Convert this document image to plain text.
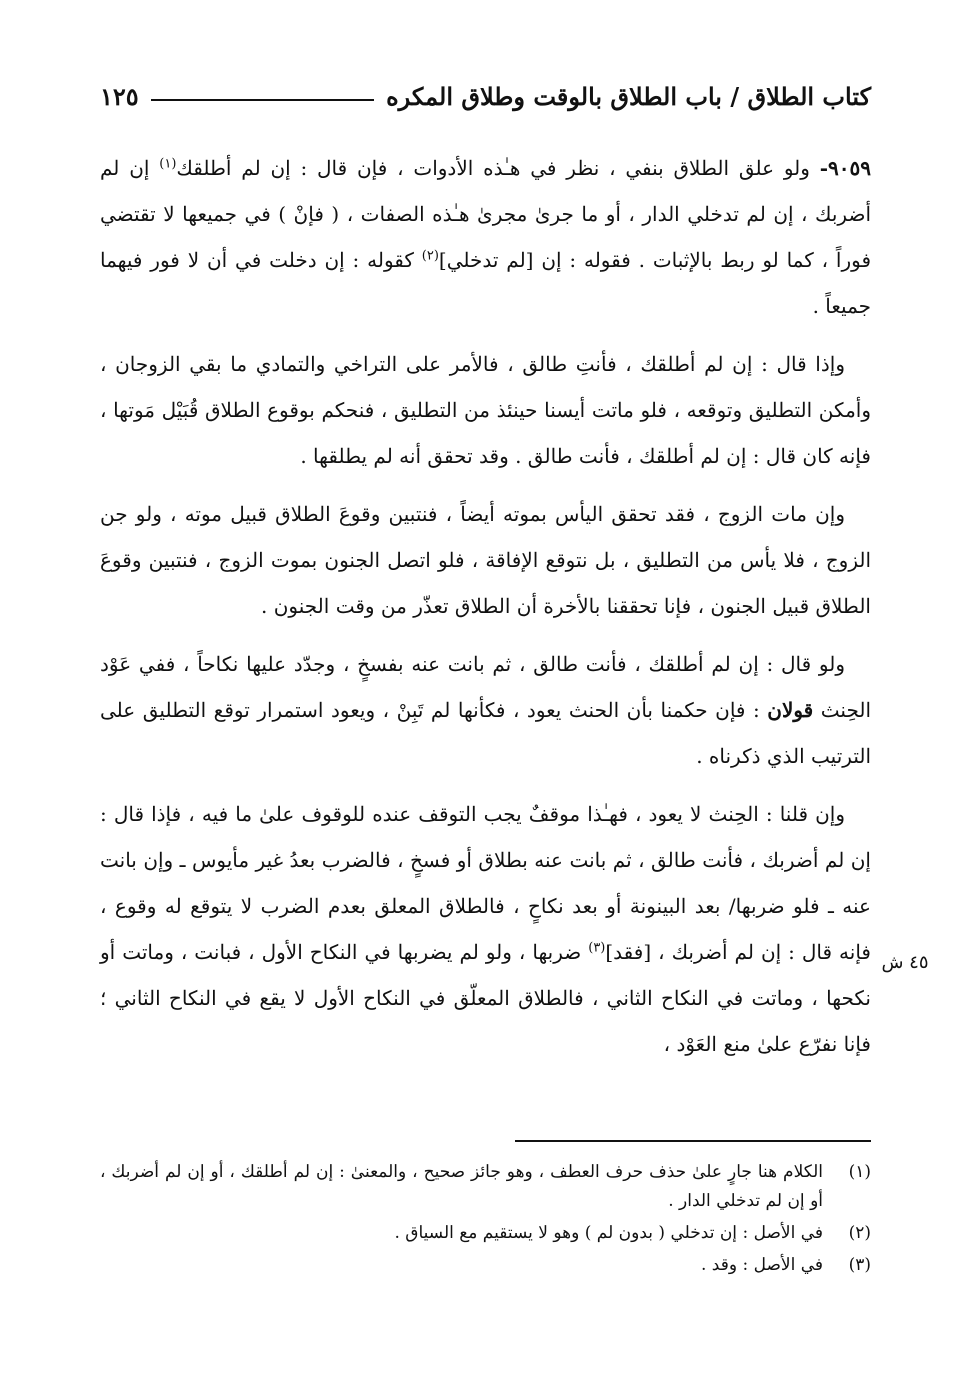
كتاب الطلاق / باب الطلاق بالوقت وطلاق المكره
١٢٥

٩٠٥٩- ولو علق الطلاق بنفي ، نظر في هـٰذه الأدوات ، فإن قال : إن لم أطلقك$^{(١)}$ إن لم أضربك ، إن لم تدخلي الدار ، أو ما جرىٰ مجرىٰ هـٰذه الصفات ، ( فإنْ ) في جميعها لا تقتضي فوراً ، كما لو ربط بالإثبات . فقوله : إن [لم تدخلي]$^{(٢)}$ كقوله : إن دخلت في أن لا فور فيهما جميعاً .

وإذا قال : إن لم أطلقك ، فأنتِ طالق ، فالأمر على التراخي والتمادي ما بقي الزوجان ، وأمكن التطليق وتوقعه ، فلو ماتت أيسنا حينئذ من التطليق ، فنحكم بوقوع الطلاق قُبَيْل مَوتها ، فإنه كان قال : إن لم أطلقك ، فأنت طالق . وقد تحقق أنه لم يطلقها .

وإن مات الزوج ، فقد تحقق اليأس بموته أيضاً ، فنتبين وقوعَ الطلاق قبيل موته ، ولو جن الزوج ، فلا يأس من التطليق ، بل نتوقع الإفاقة ، فلو اتصل الجنون بموت الزوج ، فنتبين وقوعَ الطلاق قبيل الجنون ، فإنا تحققنا بالأخرة أن الطلاق تعذّر من وقت الجنون .

ولو قال : إن لم أطلقك ، فأنت طالق ، ثم بانت عنه بفسخٍ ، وجدّد عليها نكاحاً ، ففي عَوْد الحِنث قولان : فإن حكمنا بأن الحنث يعود ، فكأنها لم تَبِنْ ، ويعود استمرار توقع التطليق على الترتيب الذي ذكرناه .

وإن قلنا : الحِنث لا يعود ، فهـٰذا موقفٌ يجب التوقف عنده للوقوف علىٰ ما فيه ، فإذا قال : إن لم أضربك ، فأنت طالق ، ثم بانت عنه بطلاق أو فسخٍ ، فالضرب بعدُ غير مأيوس ـ وإن بانت عنه ـ فلو ضربها/ بعد البينونة أو بعد نكاحٍ ، فالطلاق المعلق بعدم الضرب لا يتوقع له وقوع ، فإنه قال : إن لم أضربك ، [فقد]$^{(٣)}$ ضربها ، ولو لم يضربها في النكاح الأول ، فبانت ، وماتت أو نكحها ، وماتت في النكاح الثاني ، فالطلاق المعلّق في النكاح الأول لا يقع في النكاح الثاني ؛ فإنا نفرّع علىٰ منع العَوْد ،

٤٥ ش
(١)
الكلام هنا جارٍ علىٰ حذف حرف العطف ، وهو جائز صحيح ، والمعنىٰ : إن لم أطلقك ، أو إن لم أضربك ، أو إن لم تدخلي الدار .
(٢)
في الأصل : إن تدخلي ( بدون لم ) وهو لا يستقيم مع السياق .
(٣)
في الأصل : وقد .
